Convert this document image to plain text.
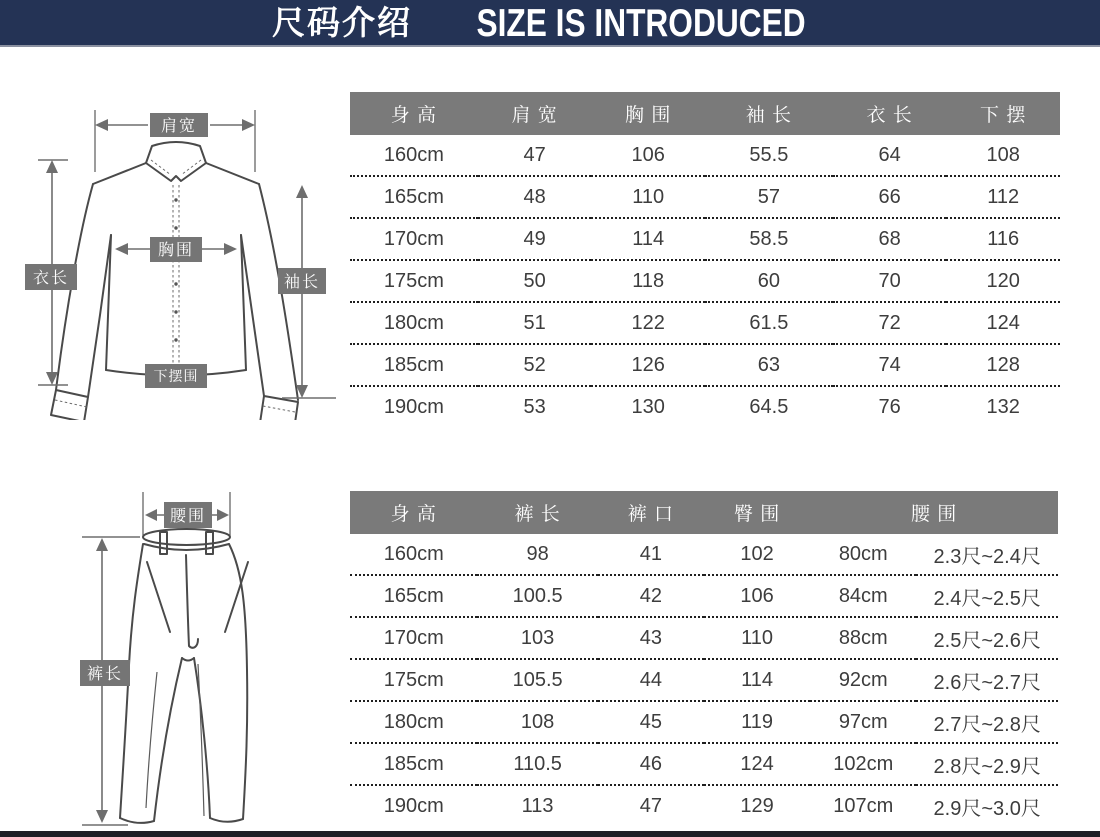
尺码介绍 SIZE IS INTRODUCED
肩宽
衣长
胸围
袖长
下摆围
身 高	肩 宽	胸 围	袖 长	衣 长	下 摆
160cm	47	106	55.5	64	108
165cm	48	110	57	66	112
170cm	49	114	58.5	68	116
175cm	50	118	60	70	120
180cm	51	122	61.5	72	124
185cm	52	126	63	74	128
190cm	53	130	64.5	76	132
腰围
裤长
身 高	裤 长	裤 口	臀 围	腰 围	
160cm	98	41	102	80cm	2.3尺~2.4尺
165cm	100.5	42	106	84cm	2.4尺~2.5尺
170cm	103	43	110	88cm	2.5尺~2.6尺
175cm	105.5	44	114	92cm	2.6尺~2.7尺
180cm	108	45	119	97cm	2.7尺~2.8尺
185cm	110.5	46	124	102cm	2.8尺~2.9尺
190cm	113	47	129	107cm	2.9尺~3.0尺
